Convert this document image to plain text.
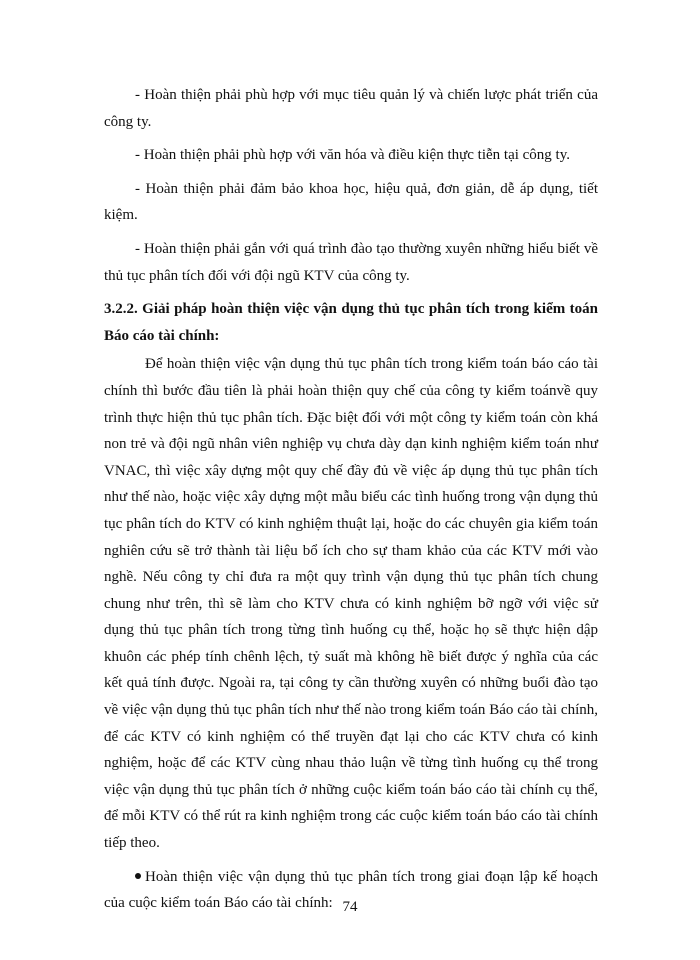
- Hoàn thiện phải phù hợp với mục tiêu quản lý và chiến lược phát triển của công ty.

- Hoàn thiện phải phù hợp với văn hóa và điều kiện thực tiễn tại công ty.

- Hoàn thiện phải đảm bảo khoa học, hiệu quả, đơn giản, dễ áp dụng, tiết kiệm.

- Hoàn thiện phải gắn với quá trình đào tạo thường xuyên những hiểu biết về thủ tục phân tích đối với đội ngũ KTV của công ty.

3.2.2. Giải pháp hoàn thiện việc vận dụng thủ tục phân tích trong kiểm toán Báo cáo tài chính:

Để hoàn thiện việc vận dụng thủ tục phân tích trong kiểm toán báo cáo tài chính thì bước đầu tiên là phải hoàn thiện quy chế của công ty kiểm toánvề quy trình thực hiện thủ tục phân tích. Đặc biệt đối với một công ty kiểm toán còn khá non trẻ và đội ngũ nhân viên nghiệp vụ chưa dày dạn kinh nghiệm kiểm toán như VNAC, thì việc xây dựng một quy chế đầy đủ về việc áp dụng thủ tục phân tích như thế nào, hoặc việc xây dựng một mẫu biểu các tình huống trong vận dụng thủ tục phân tích do KTV có kinh nghiệm thuật lại, hoặc do các chuyên gia kiểm toán nghiên cứu sẽ trở thành tài liệu bổ ích cho sự tham khảo của các KTV mới vào nghề. Nếu công ty chỉ đưa ra một quy trình vận dụng thủ tục phân tích chung chung như trên, thì sẽ làm cho KTV chưa có kinh nghiệm bỡ ngỡ với việc sử dụng thủ tục phân tích trong từng tình huống cụ thể, hoặc họ sẽ thực hiện dập khuôn các phép tính chênh lệch, tỷ suất mà không hề biết được ý nghĩa của các kết quả tính được. Ngoài ra, tại công ty cần thường xuyên có những buổi đào tạo về việc vận dụng thủ tục phân tích như thế nào trong kiểm toán Báo cáo tài chính, để các KTV có kinh nghiệm có thể truyền đạt lại cho các KTV chưa có kinh nghiệm, hoặc để các KTV cùng nhau thảo luận về từng tình huống cụ thể trong việc vận dụng thủ tục phân tích ở những cuộc kiểm toán báo cáo tài chính cụ thể, để mỗi KTV có thể rút ra kinh nghiệm trong các cuộc kiểm toán báo cáo tài chính tiếp theo.

Hoàn thiện việc vận dụng thủ tục phân tích trong giai đoạn lập kế hoạch của cuộc kiểm toán Báo cáo tài chính: 74
